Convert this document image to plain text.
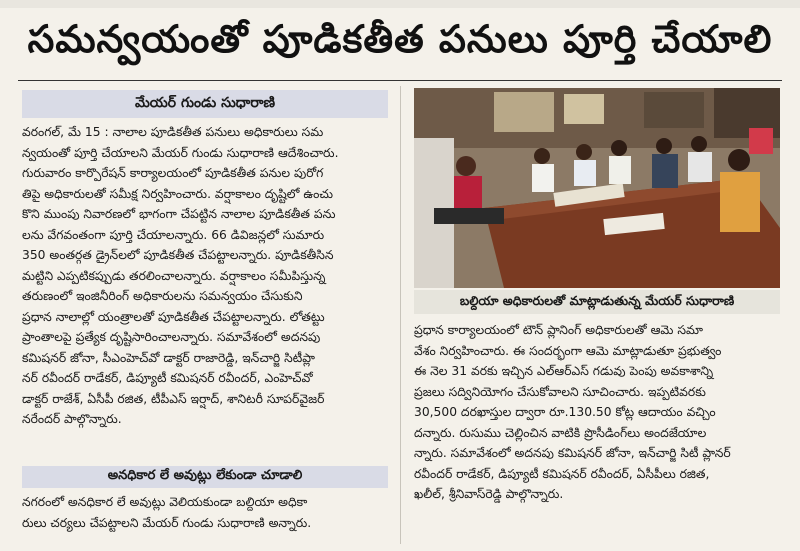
సమన్వయంతో పూడికతీత పనులు పూర్తి చేయాలి
మేయర్ గుండు సుధారాణి

వరంగల్, మే 15 : నాలాల పూడికతీత పనులు అధికారులు సమ

న్వయంతో పూర్తి చేయాలని మేయర్ గుండు సుధారాణి ఆదేశించారు.

గురువారం కార్పొరేషన్ కార్యాలయంలో పూడికతీత పనుల పురోగ

తిపై అధికారులతో సమీక్ష నిర్వహించారు. వర్షాకాలం దృష్టిలో ఉంచు

కొని ముంపు నివారణలో భాగంగా చేపట్టిన నాలాల పూడికతీత పను

లను వేగవంతంగా పూర్తి చేయాలన్నారు. 66 డివిజన్లలో సుమారు

350 అంతర్గత డ్రైన్‌లలో పూడికతీత చేపట్టాలన్నారు. పూడికతీసిన

మట్టిని ఎప్పటికప్పుడు తరలించాలన్నారు. వర్షాకాలం సమీపిస్తున్న

తరుణంలో ఇంజినీరింగ్ అధికారులను సమన్వయం చేసుకుని

ప్రధాన నాలాల్లో యంత్రాలతో పూడికతీత చేపట్టాలన్నారు. లోతట్టు

ప్రాంతాలపై ప్రత్యేక దృష్టిసారించాలన్నారు. సమావేశంలో అదనపు

కమిషనర్ జోనా, సీఎంహెచ్‌వో డాక్టర్ రాజారెడ్డి, ఇన్‌చార్జి సిటీప్లా

నర్ రవీందర్ రాడేకర్, డిప్యూటీ కమిషనర్ రవీందర్, ఎంహెచ్‌వో

డాక్టర్ రాజేశ్, ఏసీపీ రజిత, టీపీఎస్ ఇర్షాద్, శానిటరీ సూపర్‌వైజర్

నరేందర్ పాల్గొన్నారు.

అనధికార లే అవుట్లు లేకుండా చూడాలి

నగరంలో అనధికార లే అవుట్లు వెలియకుండా బల్దియా అధికా

రులు చర్యలు చేపట్టాలని మేయర్ గుండు సుధారాణి అన్నారు.

బల్దియా అధికారులతో మాట్లాడుతున్న మేయర్ సుధారాణి

ప్రధాన కార్యాలయంలో టౌన్ ప్లానింగ్ అధికారులతో ఆమె సమా

వేశం నిర్వహించారు. ఈ సందర్భంగా ఆమె మాట్లాడుతూ ప్రభుత్వం

ఈ నెల 31 వరకు ఇచ్చిన ఎల్ఆర్ఎస్ గడువు పెంపు అవకాశాన్ని

ప్రజలు సద్వినియోగం చేసుకోవాలని సూచించారు. ఇప్పటివరకు

30,500 దరఖాస్తుల ద్వారా రూ.130.50 కోట్ల ఆదాయం వచ్చిం

దన్నారు. రుసుము చెల్లించిన వాటికి ప్రొసీడింగ్‌లు అందజేయాల

న్నారు. సమావేశంలో అదనపు కమిషనర్ జోనా, ఇన్‌చార్జి సిటీ ప్లానర్

రవీందర్ రాడేకర్, డిప్యూటీ కమిషనర్ రవీందర్, ఏసీపీలు రజిత,

ఖలీల్, శ్రీనివాస్‌రెడ్డి పాల్గొన్నారు.
